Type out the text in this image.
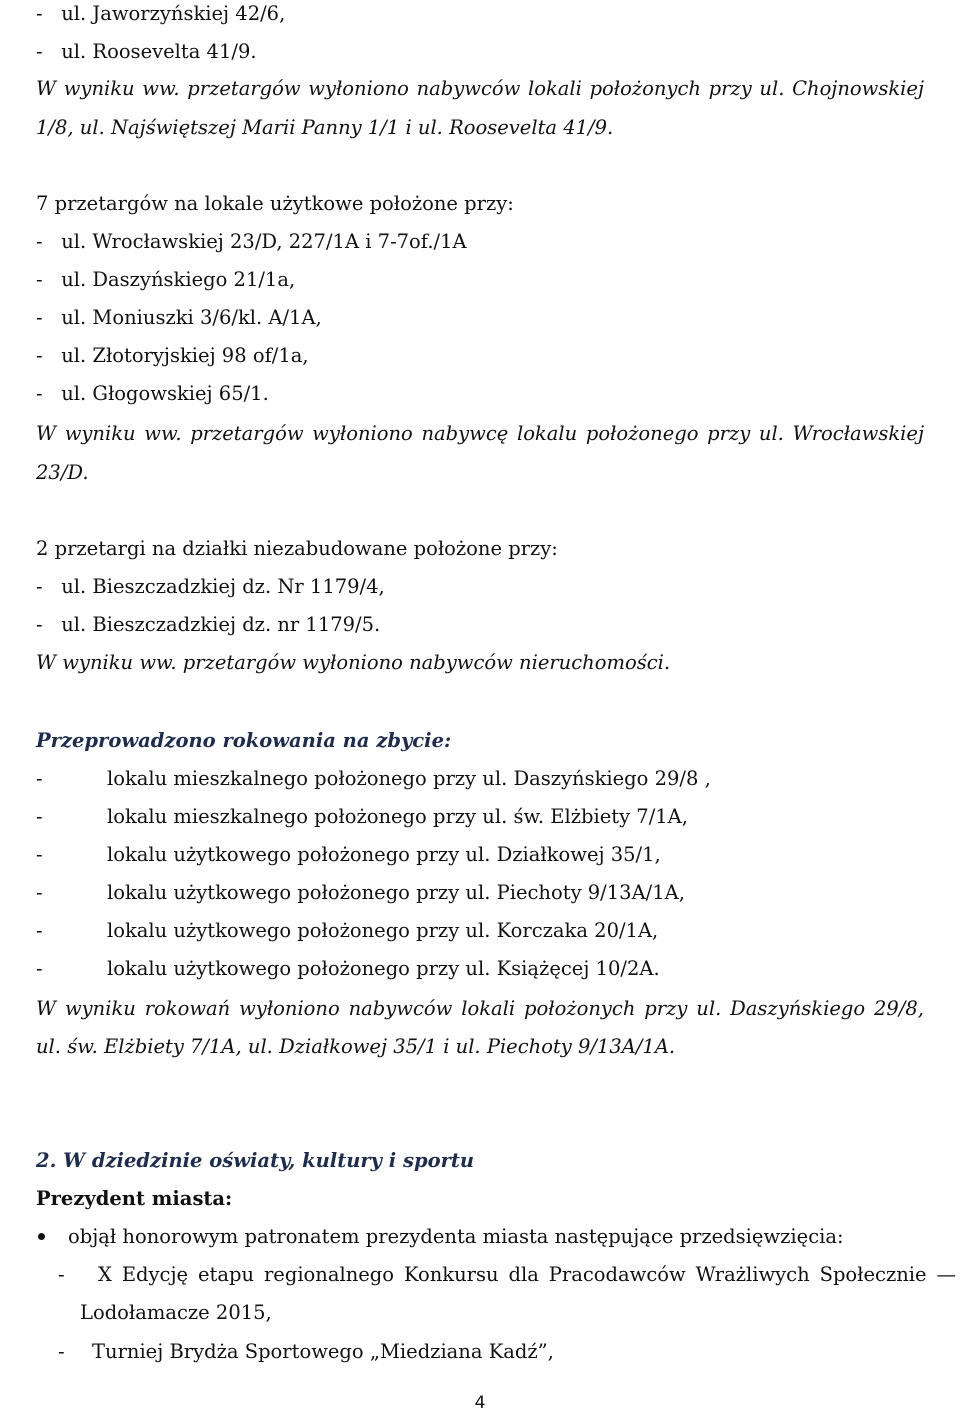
- ul. Jaworzyńskiej 42/6,

- ul. Roosevelta 41/9.

W wyniku ww. przetargów wyłoniono nabywców lokali położonych przy ul. Chojnowskiej

1/8, ul. Najświętszej Marii Panny 1/1 i ul. Roosevelta 41/9.

7 przetargów na lokale użytkowe położone przy:

- ul. Wrocławskiej 23/D, 227/1A i 7-7of./1A

- ul. Daszyńskiego 21/1a,

- ul. Moniuszki 3/6/kl. A/1A,

- ul. Złotoryjskiej 98 of/1a,

- ul. Głogowskiej 65/1.

W wyniku ww. przetargów wyłoniono nabywcę lokalu położonego przy ul. Wrocławskiej

23/D.

2 przetargi na działki niezabudowane położone przy:

- ul. Bieszczadzkiej dz. Nr 1179/4,

- ul. Bieszczadzkiej dz. nr 1179/5.

W wyniku ww. przetargów wyłoniono nabywców nieruchomości.

Przeprowadzono rokowania na zbycie:

-	lokalu mieszkalnego położonego przy ul. Daszyńskiego 29/8 ,
-	lokalu mieszkalnego położonego przy ul. św. Elżbiety 7/1A,
-	lokalu użytkowego położonego przy ul. Działkowej 35/1,
-	lokalu użytkowego położonego przy ul. Piechoty 9/13A/1A,
-	lokalu użytkowego położonego przy ul. Korczaka 20/1A,
-	lokalu użytkowego położonego przy ul. Książęcej 10/2A.

W wyniku rokowań wyłoniono nabywców lokali położonych przy ul. Daszyńskiego 29/8,

ul. św. Elżbiety 7/1A, ul. Działkowej 35/1 i ul. Piechoty 9/13A/1A.

2. W dziedzinie oświaty, kultury i sportu

Prezydent miasta:

objął honorowym patronatem prezydenta miasta następujące przedsięwzięcia:

-	X Edycję etapu regionalnego Konkursu dla Pracodawców Wrażliwych Społecznie —

Lodołamacze 2015,

-	Turniej Brydża Sportowego „Miedziana Kadź”,
4
